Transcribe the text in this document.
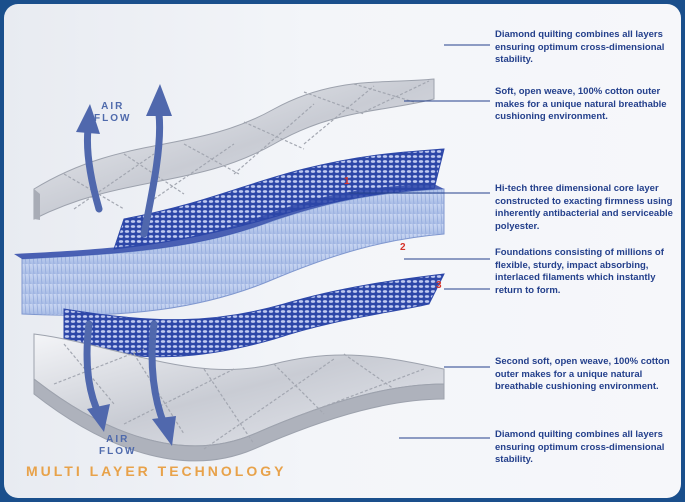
AIR
FLOW
AIR
FLOW
1
2
3
Diamond quilting combines all layers ensuring optimum cross-dimensional stability.
Soft, open weave, 100% cotton outer makes for a unique natural breathable cushioning environment.
Hi-tech three dimensional core layer constructed to exacting firmness using inherently antibacterial and serviceable polyester.
Foundations consisting of millions of flexible, sturdy, impact absorbing, interlaced filaments which instantly return to form.
Second soft, open weave, 100% cotton outer makes for a unique natural breathable cushioning environment.
Diamond quilting combines all layers ensuring optimum cross-dimensional stability.
MULTI LAYER TECHNOLOGY
